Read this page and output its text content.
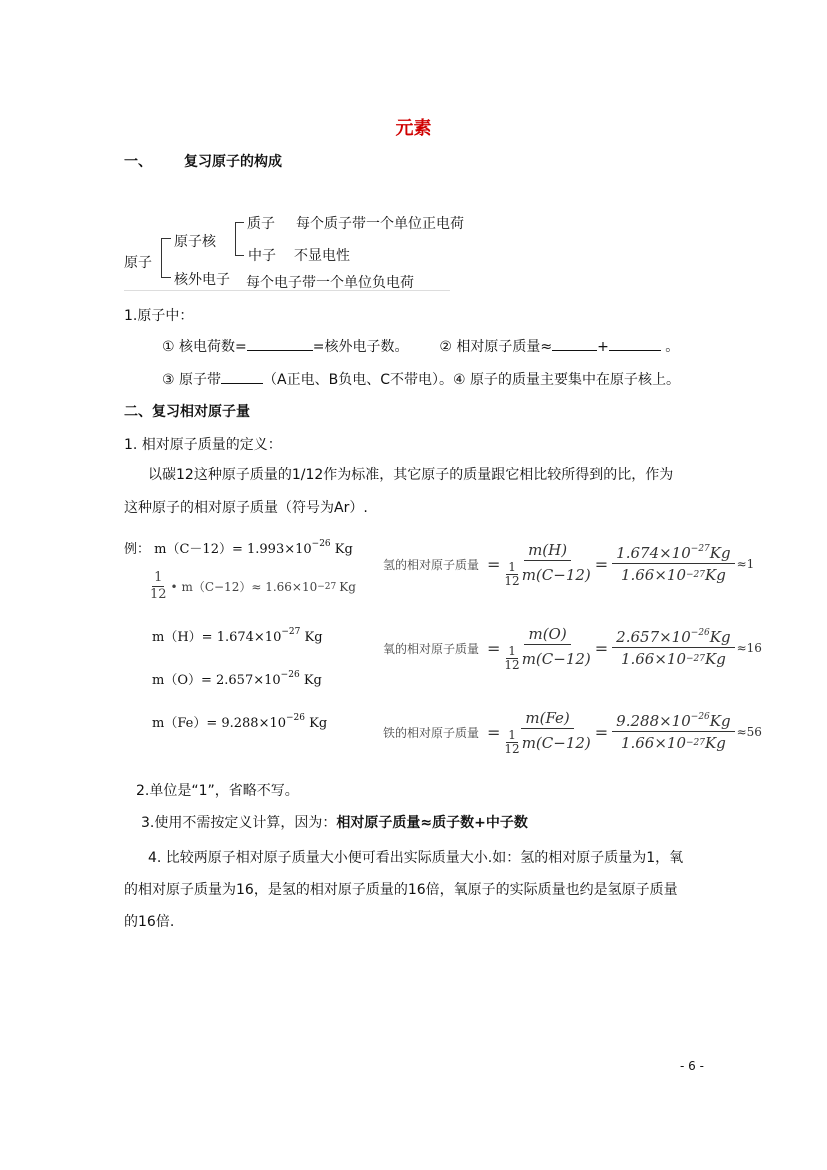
元素
一、 复习原子的构成
原子
原子核
核外电子
质子 每个质子带一个单位正电荷
中子 不显电性
每个电子带一个单位负电荷
1.原子中：
① 核电荷数=	=核外电子数。 ② 相对原子质量≈	+	。
③ 原子带	（A正电、B负电、C不带电）。④ 原子的质量主要集中在原子核上。
二、复习相对原子量
1. 相对原子质量的定义：
以碳12这种原子质量的1/12作为标准，其它原子的质量跟它相比较所得到的比，作为
这种原子的相对原子质量（符号为Ar）.
例： $m(C-12)= 1.993\times 10^{-26}$ Kg
$\frac{1}{12}$ • m（C−12）≈ 1.66×10 −27 Kg
$m(H)= 1.674\times 10^{-27}$ Kg
$m(O)= 2.657\times 10^{-26}$ Kg
$m(Fe)= 9.288\times 10^{-26}$ Kg
氢的相对原子质量 = $\frac{m(H)}{\frac{1}{12} m(C-12)} = \frac{1.674\times 10^{-27}Kg}{1.66\times 10 -27 Kg} \approx 1$
氧的相对原子质量 = $\frac{m(O)}{\frac{1}{12} m(C-12)} = \frac{2.657\times 10^{-26}Kg}{1.66\times 10 -27 Kg} \approx 16$
铁的相对原子质量 = $\frac{m(Fe)}{\frac{1}{12} m(C-12)} = \frac{9.288\times 10^{-26}Kg}{1.66\times 10 -27 Kg} \approx 56$
2.单位是“1”，省略不写。
3.使用不需按定义计算，因为：相对原子质量≈质子数+中子数
4. 比较两原子相对原子质量大小便可看出实际质量大小.如：氢的相对原子质量为1，氧
的相对原子质量为16，是氢的相对原子质量的16倍，氧原子的实际质量也约是氢原子质量
的16倍.
- 6 -
